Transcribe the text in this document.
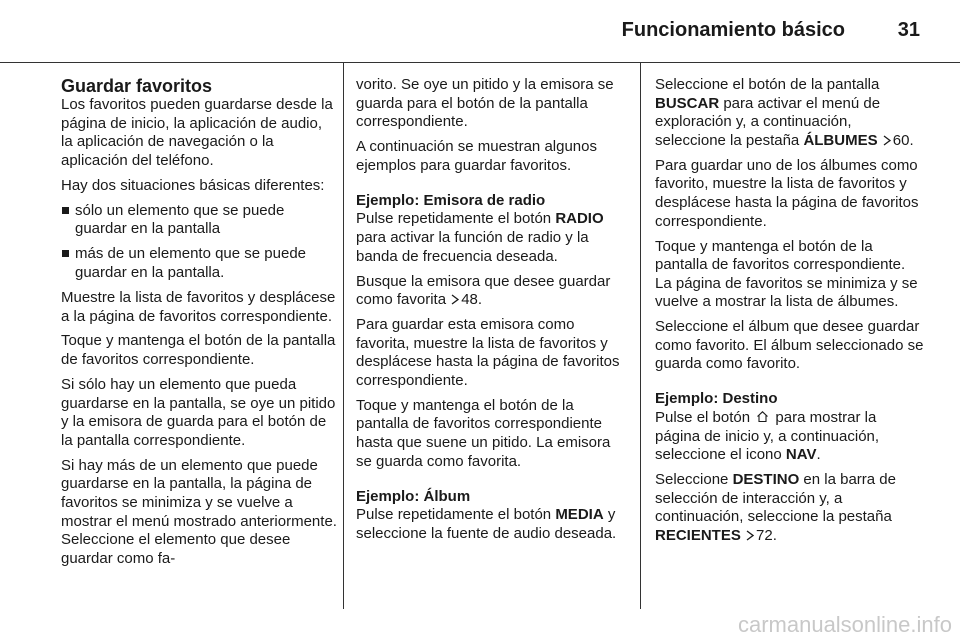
Funcionamiento básico	31
Guardar favoritos

Los favoritos pueden guardarse desde la página de inicio, la aplicación de audio, la aplicación de navegación o la aplicación del teléfono.

Hay dos situaciones básicas diferentes:

sólo un elemento que se puede guardar en la pantalla
más de un elemento que se puede guardar en la pantalla.

Muestre la lista de favoritos y desplácese a la página de favoritos correspondiente.

Toque y mantenga el botón de la pantalla de favoritos correspondiente.

Si sólo hay un elemento que pueda guardarse en la pantalla, se oye un pitido y la emisora de guarda para el botón de la pantalla correspondiente.

Si hay más de un elemento que puede guardarse en la pantalla, la página de favoritos se minimiza y se vuelve a mostrar el menú mostrado anteriormente. Seleccione el elemento que desee guardar como fa-

vorito. Se oye un pitido y la emisora se guarda para el botón de la pantalla correspondiente.

A continuación se muestran algunos ejemplos para guardar favoritos.

Ejemplo: Emisora de radio

Pulse repetidamente el botón RADIO para activar la función de radio y la banda de frecuencia deseada.

Busque la emisora que desee guardar como favorita
48.

Para guardar esta emisora como favorita, muestre la lista de favoritos y desplácese hasta la página de favoritos correspondiente.

Toque y mantenga el botón de la pantalla de favoritos correspondiente hasta que suene un pitido. La emisora se guarda como favorita.

Ejemplo: Álbum

Pulse repetidamente el botón MEDIA y seleccione la fuente de audio deseada.

Seleccione el botón de la pantalla BUSCAR para activar el menú de exploración y, a continuación, seleccione la pestaña ÁLBUMES 60.

Para guardar uno de los álbumes como favorito, muestre la lista de favoritos y desplácese hasta la página de favoritos correspondiente.

Toque y mantenga el botón de la pantalla de favoritos correspondiente. La página de favoritos se minimiza y se vuelve a mostrar la lista de álbumes.

Seleccione el álbum que desee guardar como favorito. El álbum seleccionado se guarda como favorito.

Ejemplo: Destino

Pulse el botón  para mostrar la página de inicio y, a continuación, seleccione el icono NAV.

Seleccione DESTINO en la barra de selección de interacción y, a continuación, seleccione la pestaña RECIENTES 72.

carmanualsonline.info
